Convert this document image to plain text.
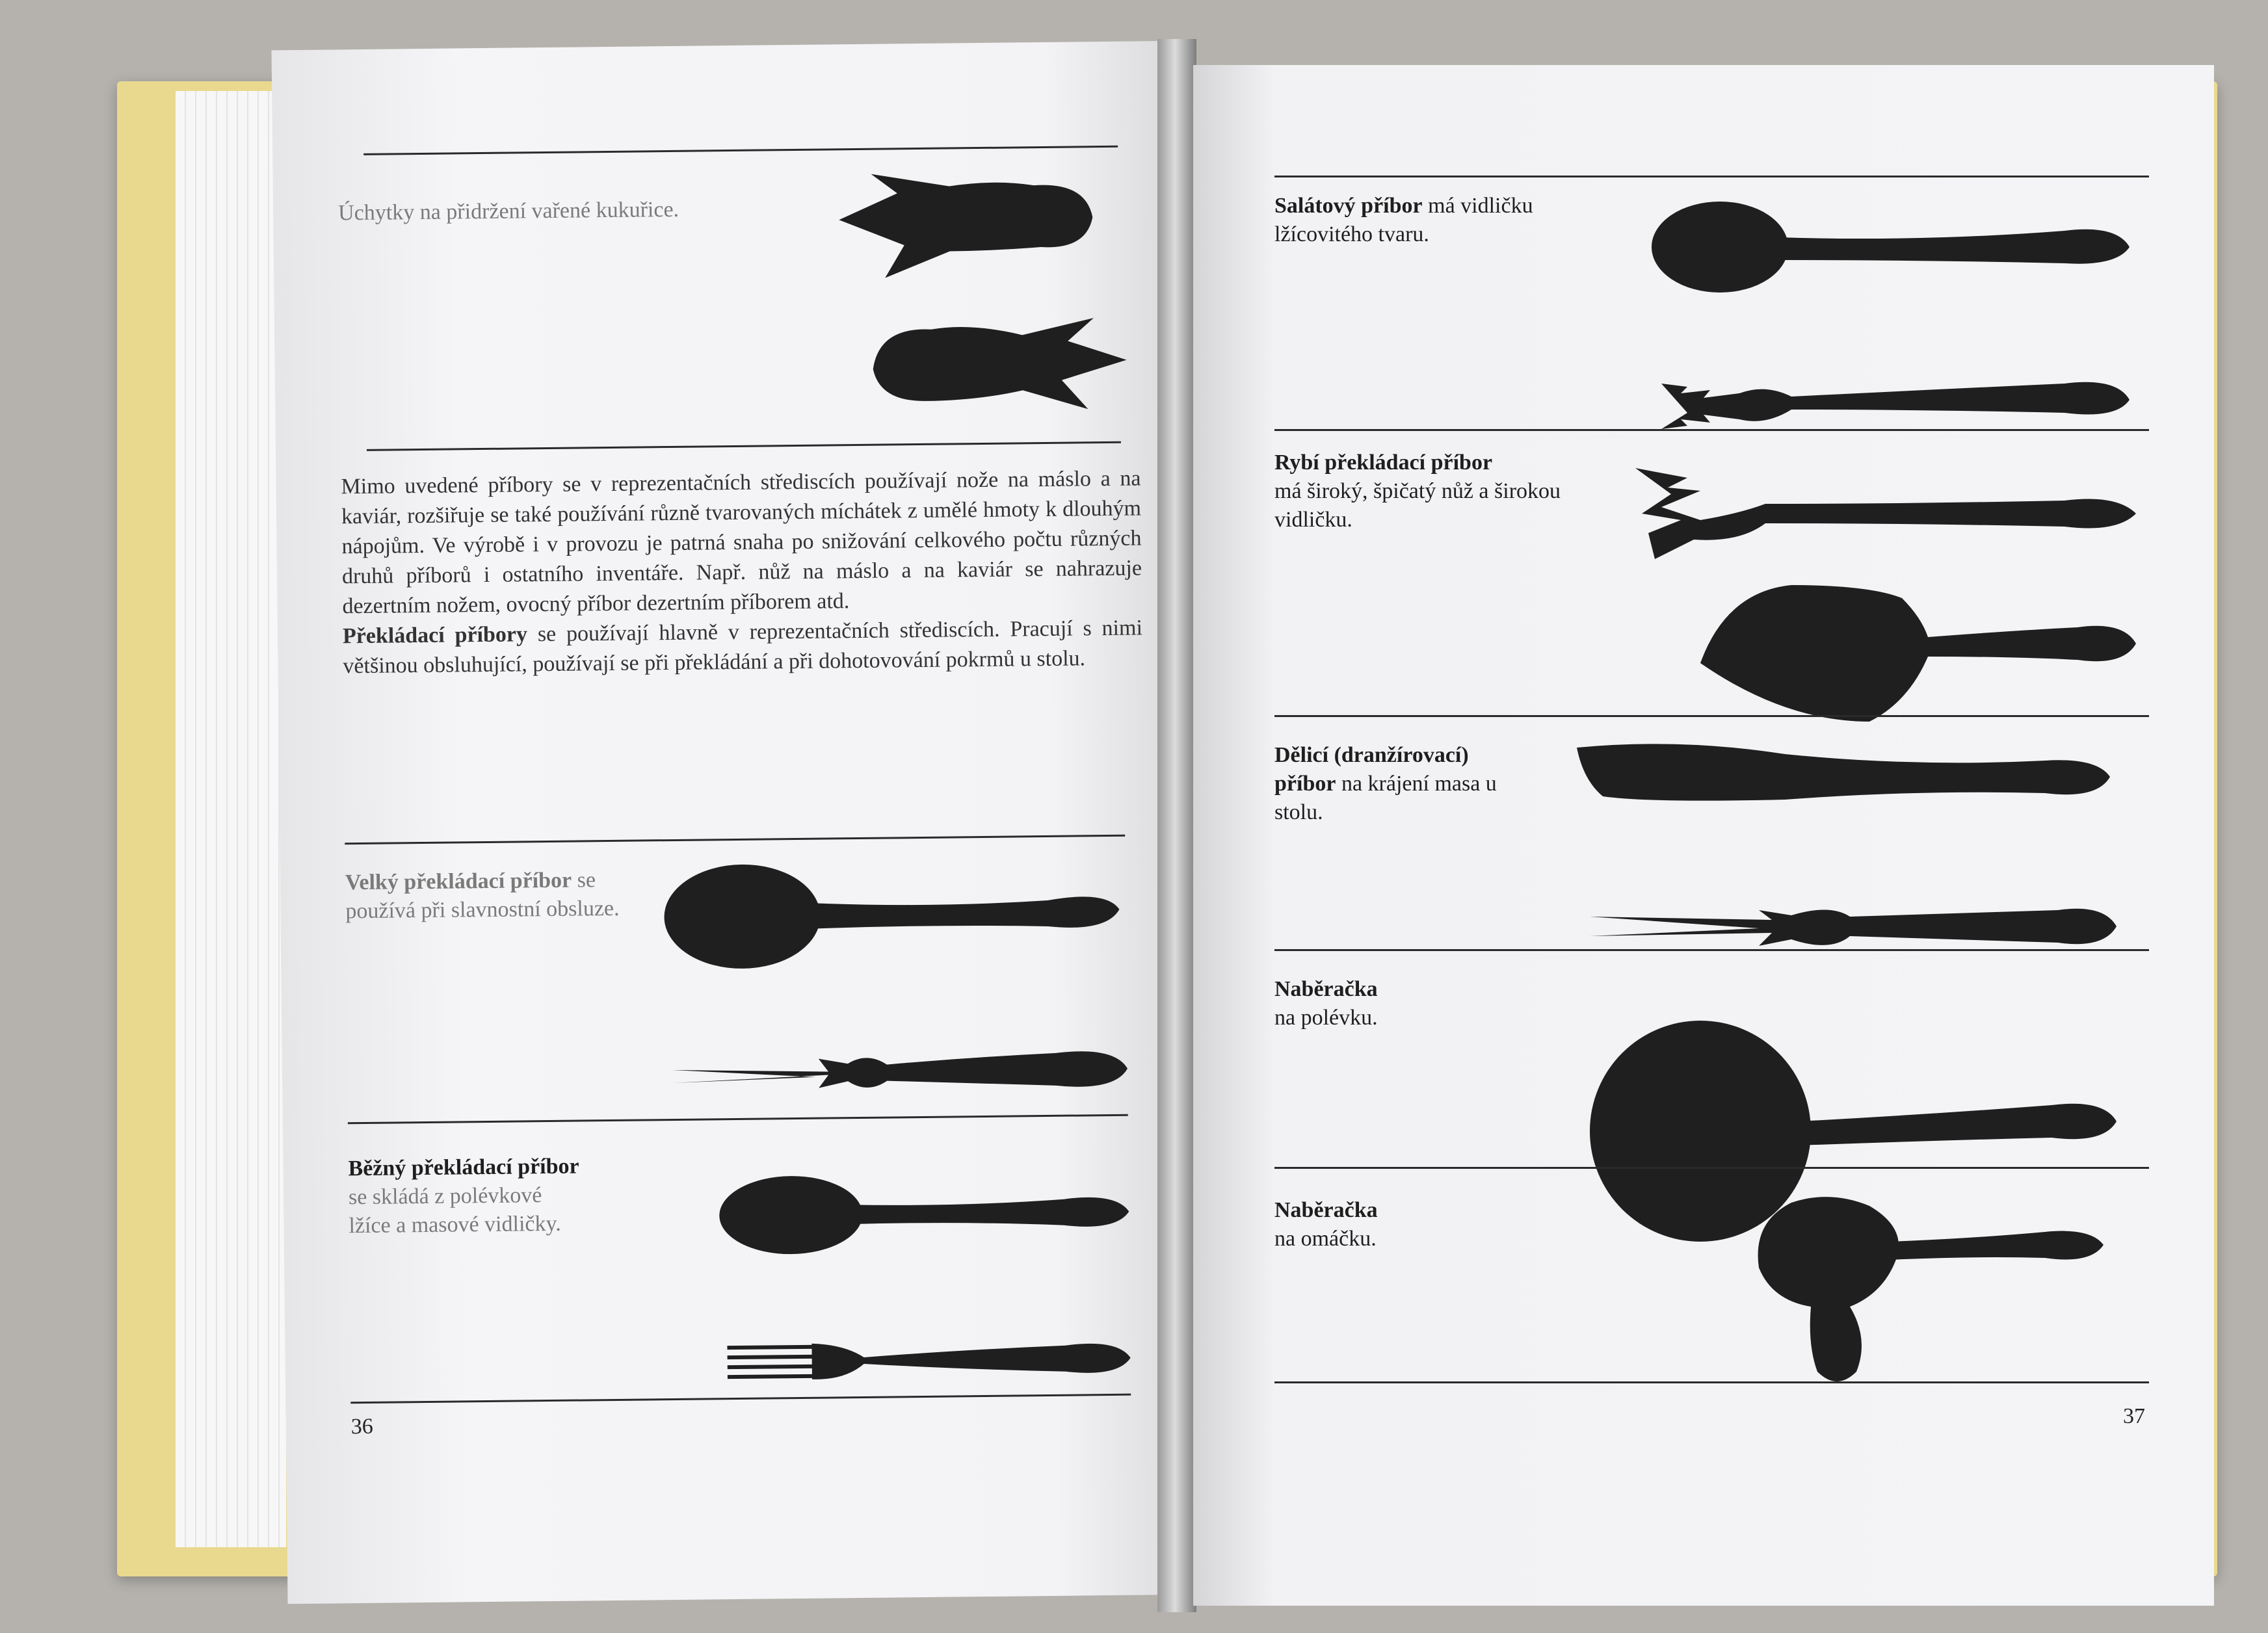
Úchytky na přidržení vařené kukuřice.
Mimo uvedené příbory se v reprezentačních střediscích používají nože na máslo a na kaviár, rozšiřuje se také používání různě tvarovaných míchátek z umělé hmoty k dlouhým nápojům. Ve výrobě i v provozu je patrná snaha po snižování celkového počtu různých druhů příborů i ostatního inventáře. Např. nůž na máslo a na kaviár se nahrazuje dezertním nožem, ovocný příbor dezertním příborem atd.
Překládací příbory se používají hlavně v reprezentačních střediscích. Pracují s nimi většinou obsluhující, používají se při překládání a při dohotovování pokrmů u stolu.
Velký překládací příbor se používá při slavnostní obsluze.
Běžný překládací příbor se skládá z polévkové lžíce a masové vidličky.
36
Salátový příbor má vidličku lžícovitého tvaru.
Rybí překládací příbor
má široký, špičatý nůž a širokou vidličku.
Dělicí (dranžírovací) příbor na krájení masa u stolu.
Naběračka
na polévku.
Naběračka
na omáčku.
37
